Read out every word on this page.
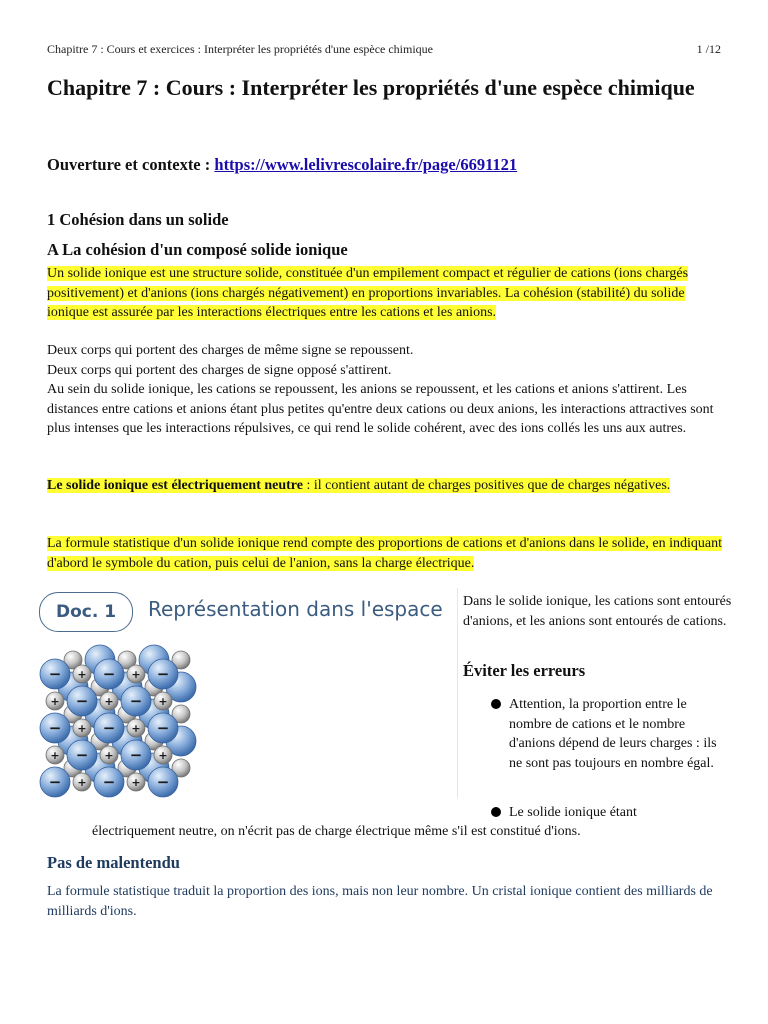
Chapitre 7 : Cours et exercices : Interpréter les propriétés d'une espèce chimique	1 /12
Chapitre 7 : Cours : Interpréter les propriétés d'une espèce chimique

Ouverture et contexte : https://www.lelivrescolaire.fr/page/6691121

1 Cohésion dans un solide
A La cohésion d'un composé solide ionique

Un solide ionique est une structure solide, constituée d'un empilement compact et régulier de cations (ions chargés positivement) et d'anions (ions chargés négativement) en proportions invariables. La cohésion (stabilité) du solide ionique est assurée par les interactions électriques entre les cations et les anions.

Deux corps qui portent des charges de même signe se repoussent.
Deux corps qui portent des charges de signe opposé s'attirent.
Au sein du solide ionique, les cations se repoussent, les anions se repoussent, et les cations et anions s'attirent. Les distances entre cations et anions étant plus petites qu'entre deux cations ou deux anions, les interactions attractives sont plus intenses que les interactions répulsives, ce qui rend le solide cohérent, avec des ions collés les uns aux autres.

Le solide ionique est électriquement neutre : il contient autant de charges positives que de charges négatives.

La formule statistique d'un solide ionique rend compte des proportions de cations et d'anions dans le solide, en indiquant d'abord le symbole du cation, puis celui de l'anion, sans la charge électrique.

Doc. 1	Représentation dans l'espace
− + − + −
+ − + − +
− + − + −
+ − + − +
− + − + −

Dans le solide ionique, les cations sont entourés d'anions, et les anions sont entourés de cations.

Éviter les erreurs

Attention, la proportion entre le nombre de cations et le nombre d'anions dépend de leurs charges : ils ne sont pas toujours en nombre égal.

Le solide ionique étant

électriquement neutre, on n'écrit pas de charge électrique même s'il est constitué d'ions.

Pas de malentendu

La formule statistique traduit la proportion des ions, mais non leur nombre. Un cristal ionique contient des milliards de milliards d'ions.
